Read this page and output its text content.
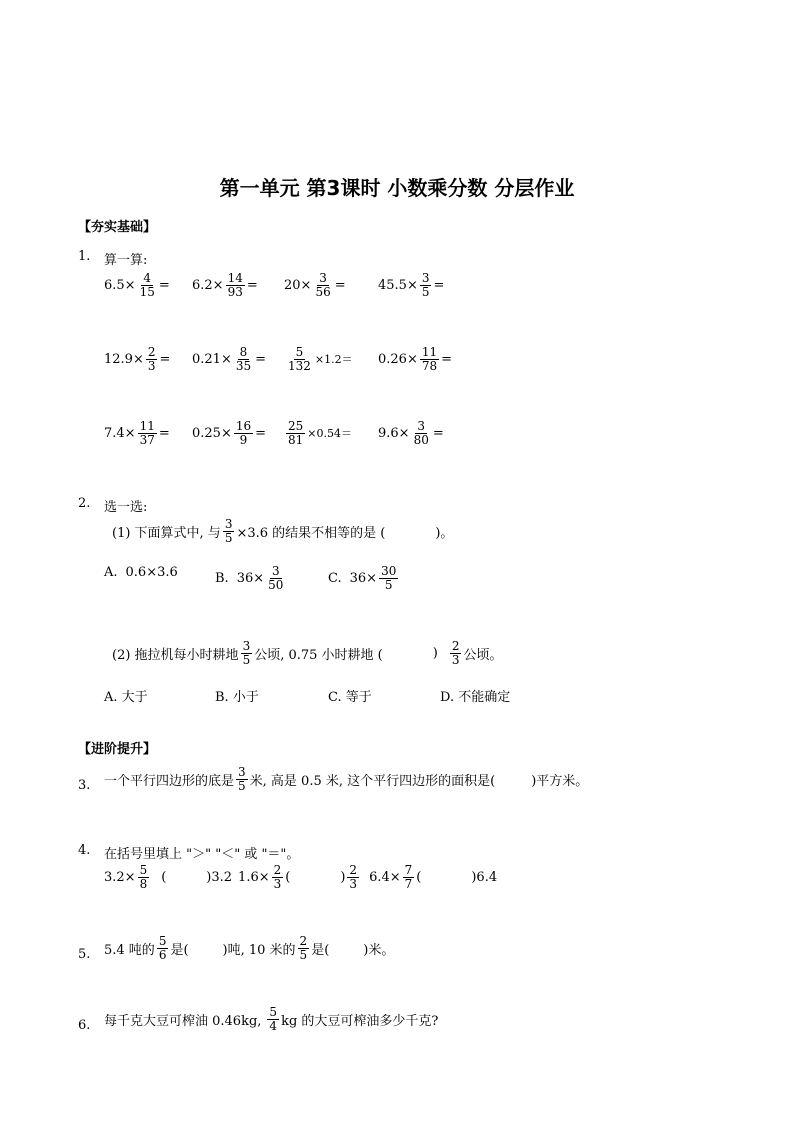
第一单元 第3课时 小数乘分数 分层作业
【夯实基础】
1. 算一算:
$6.5\times \frac{4}{15} = 6.2\times \frac{14}{93} = 20\times \frac{3}{56} = 45.5\times \frac{3}{5}$ =
$12.9\times \frac{2}{3} = 0.21\times \frac{8}{35} = \frac{5}{132} \times 1.2= 0.26\times \frac{11}{78}$ =
$7.4\times \frac{11}{37} = 0.25\times \frac{16}{9} = \frac{25}{81} \times 0.54= 9.6\times \frac{3}{80}$ =
2. 选一选:
(1) 下面算式中, 与 $\frac{3}{5} \times 3.6$ 的结果不相等的是 (	)。
A. 0.6×3.6	B. $36\times \frac{3}{50}$	C. $36\times \frac{30}{5}$
(2) 拖拉机每小时耕地 $\frac{3}{5}$ 公顷, 0.75 小时耕地 (	) $\frac{2}{3}$ 公顷。
A. 大于	B. 小于	C. 等于	D. 不能确定
【进阶提升】
3. 一个平行四边形的底是 $\frac{3}{5}$ 米, 高是 0.5 米, 这个平行四边形的面积是(	)平方米。
4. 在括号里填上 "＞" "＜" 或 "＝"。
$3.2\times \frac{5}{8}$ (	)3.2 $1.6\times \frac{2}{3}$ (	) $\frac{2}{3} 6.4\times \frac{7}{7}$ (	)6.4
5. 5.4 吨的 $\frac{5}{6}$ 是(	)吨, 10 米的 $\frac{2}{5}$ 是(	)米。
6. 每千克大豆可榨油 0.46kg, $\frac{5}{4}$ kg 的大豆可榨油多少千克?
